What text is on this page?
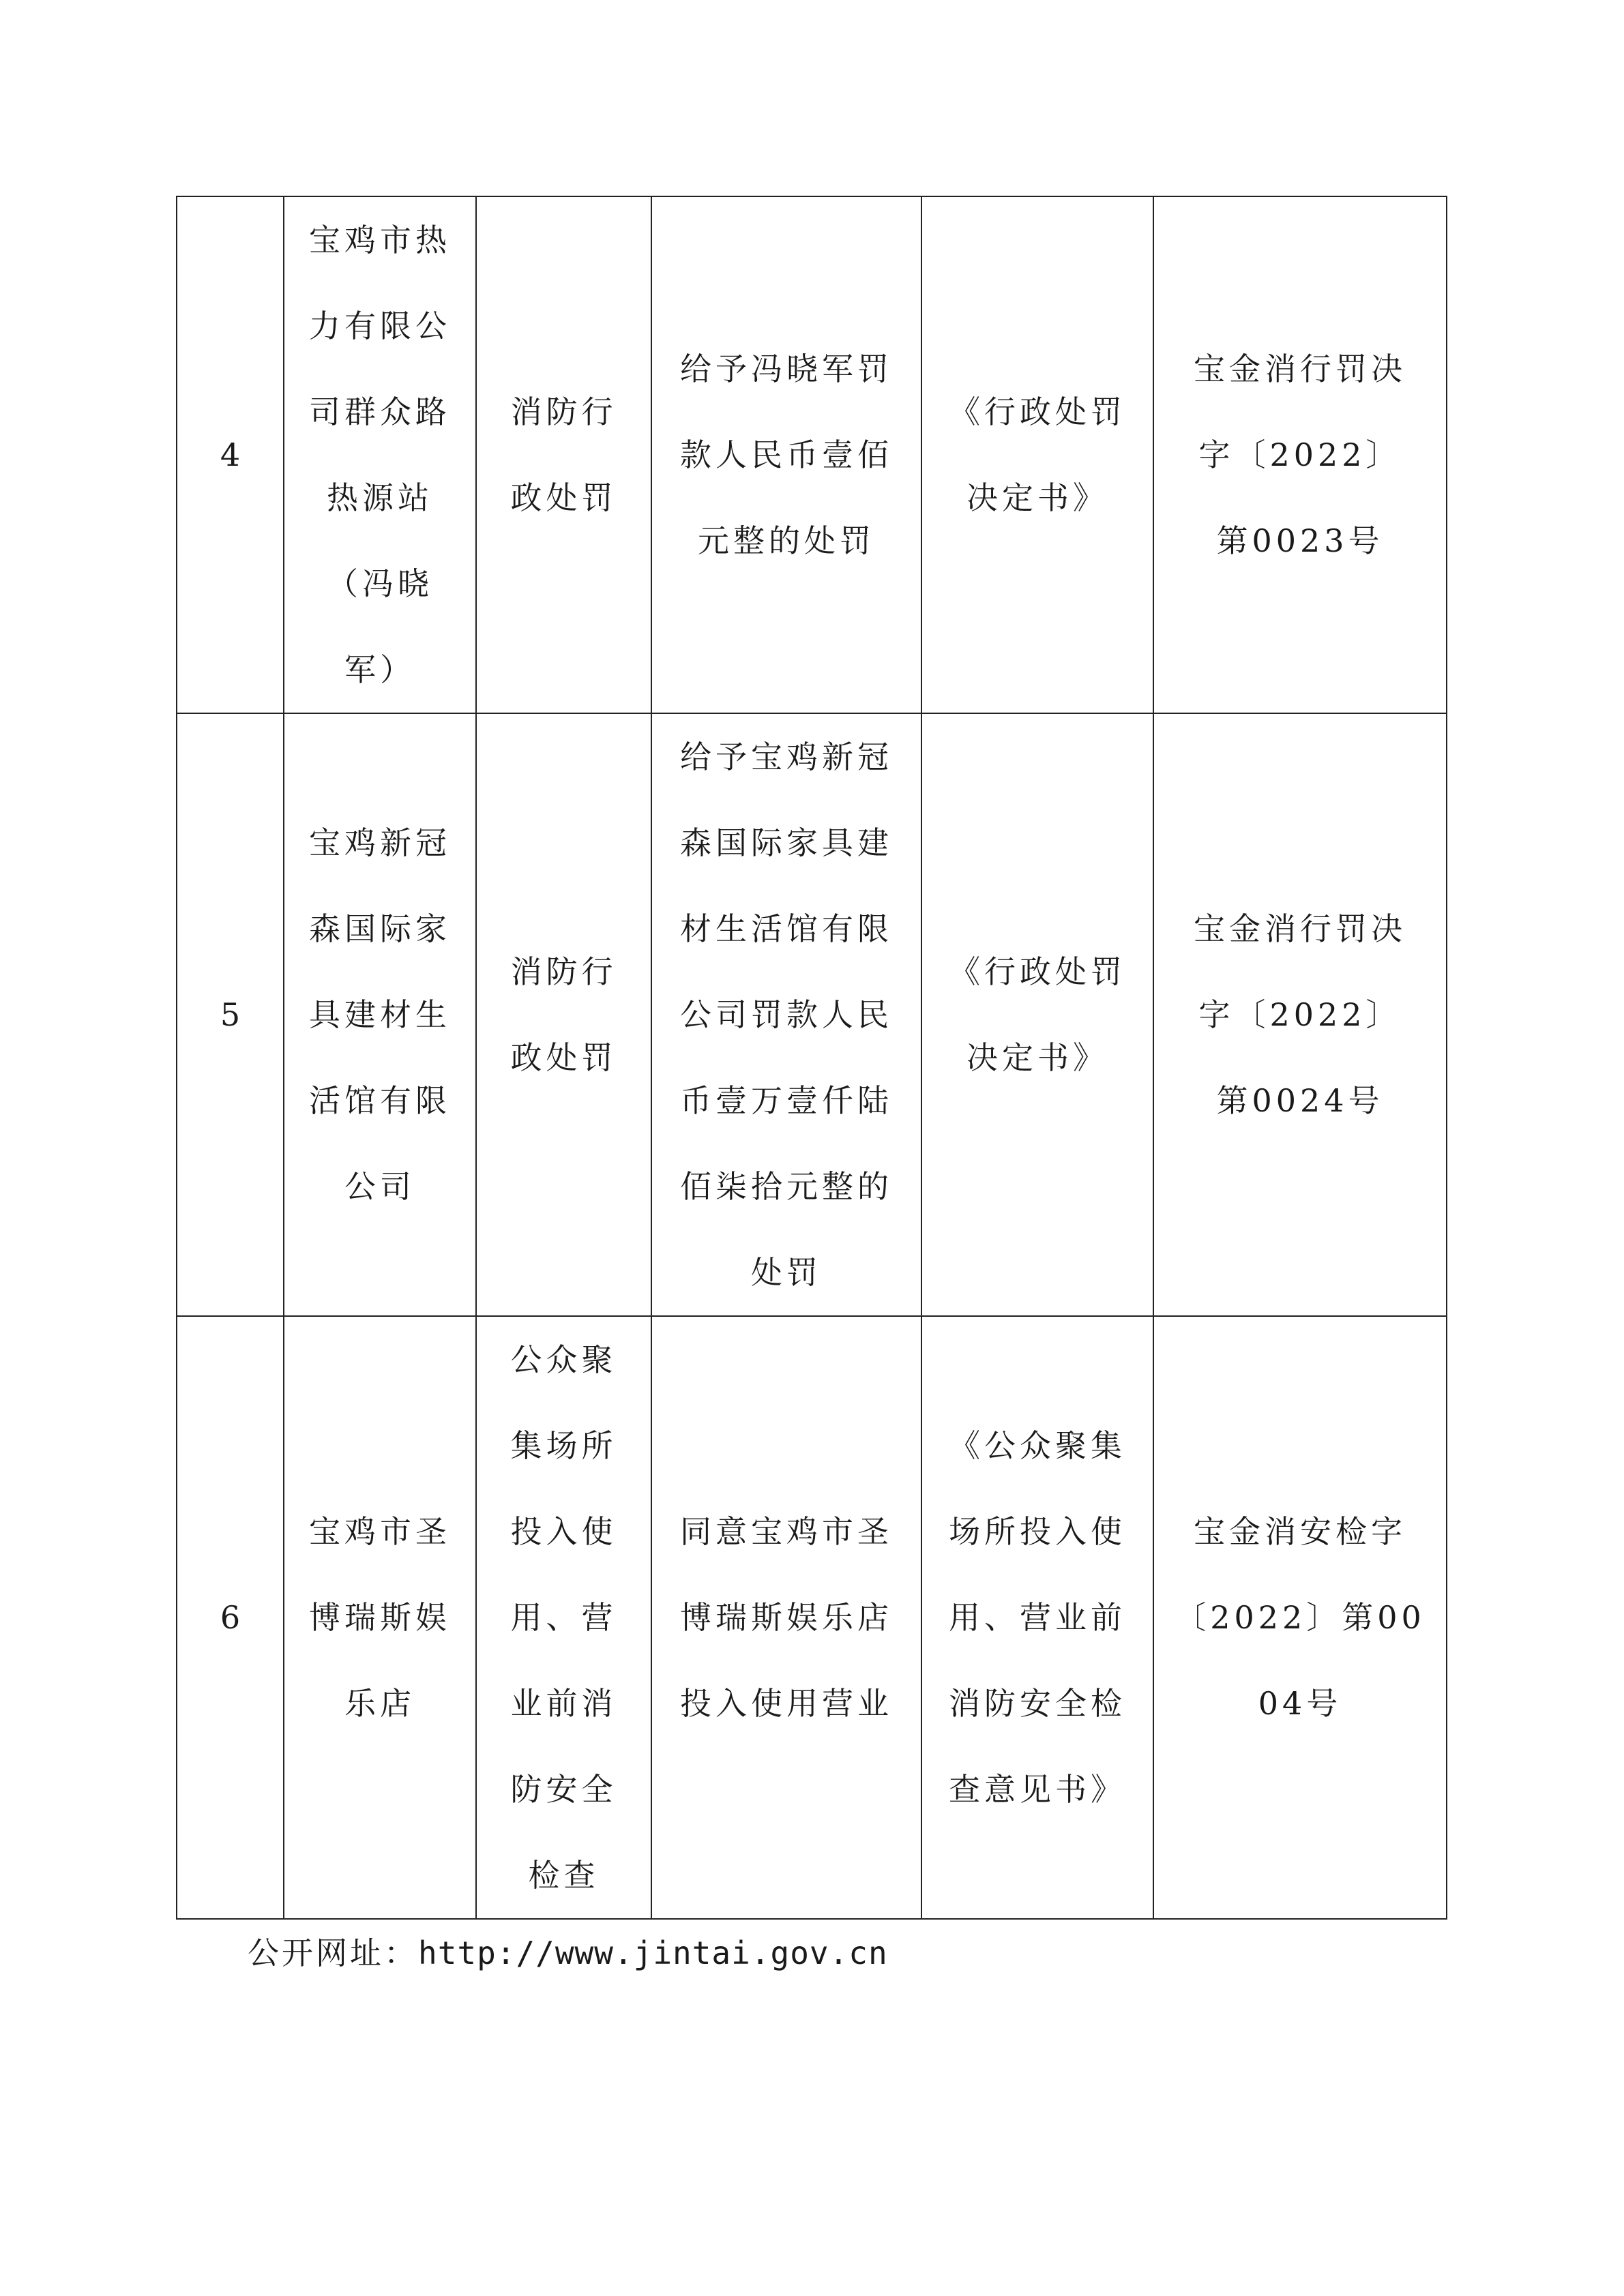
4	宝鸡市热力有限公司群众路热源站（冯晓军）	消防行政处罚	给予冯晓军罚款人民币壹佰元整的处罚	《行政处罚决定书》	宝金消行罚决字〔2022〕第0023号
5	宝鸡新冠森国际家具建材生活馆有限公司	消防行政处罚	给予宝鸡新冠森国际家具建材生活馆有限公司罚款人民币壹万壹仟陆佰柒拾元整的处罚	《行政处罚决定书》	宝金消行罚决字〔2022〕第0024号
6	宝鸡市圣博瑞斯娱乐店	公众聚集场所投入使用、营业前消防安全检查	同意宝鸡市圣博瑞斯娱乐店投入使用营业	《公众聚集场所投入使用、营业前消防安全检查意见书》	宝金消安检字〔2022〕第0004号
公开网址：http://www.jintai.gov.cn
